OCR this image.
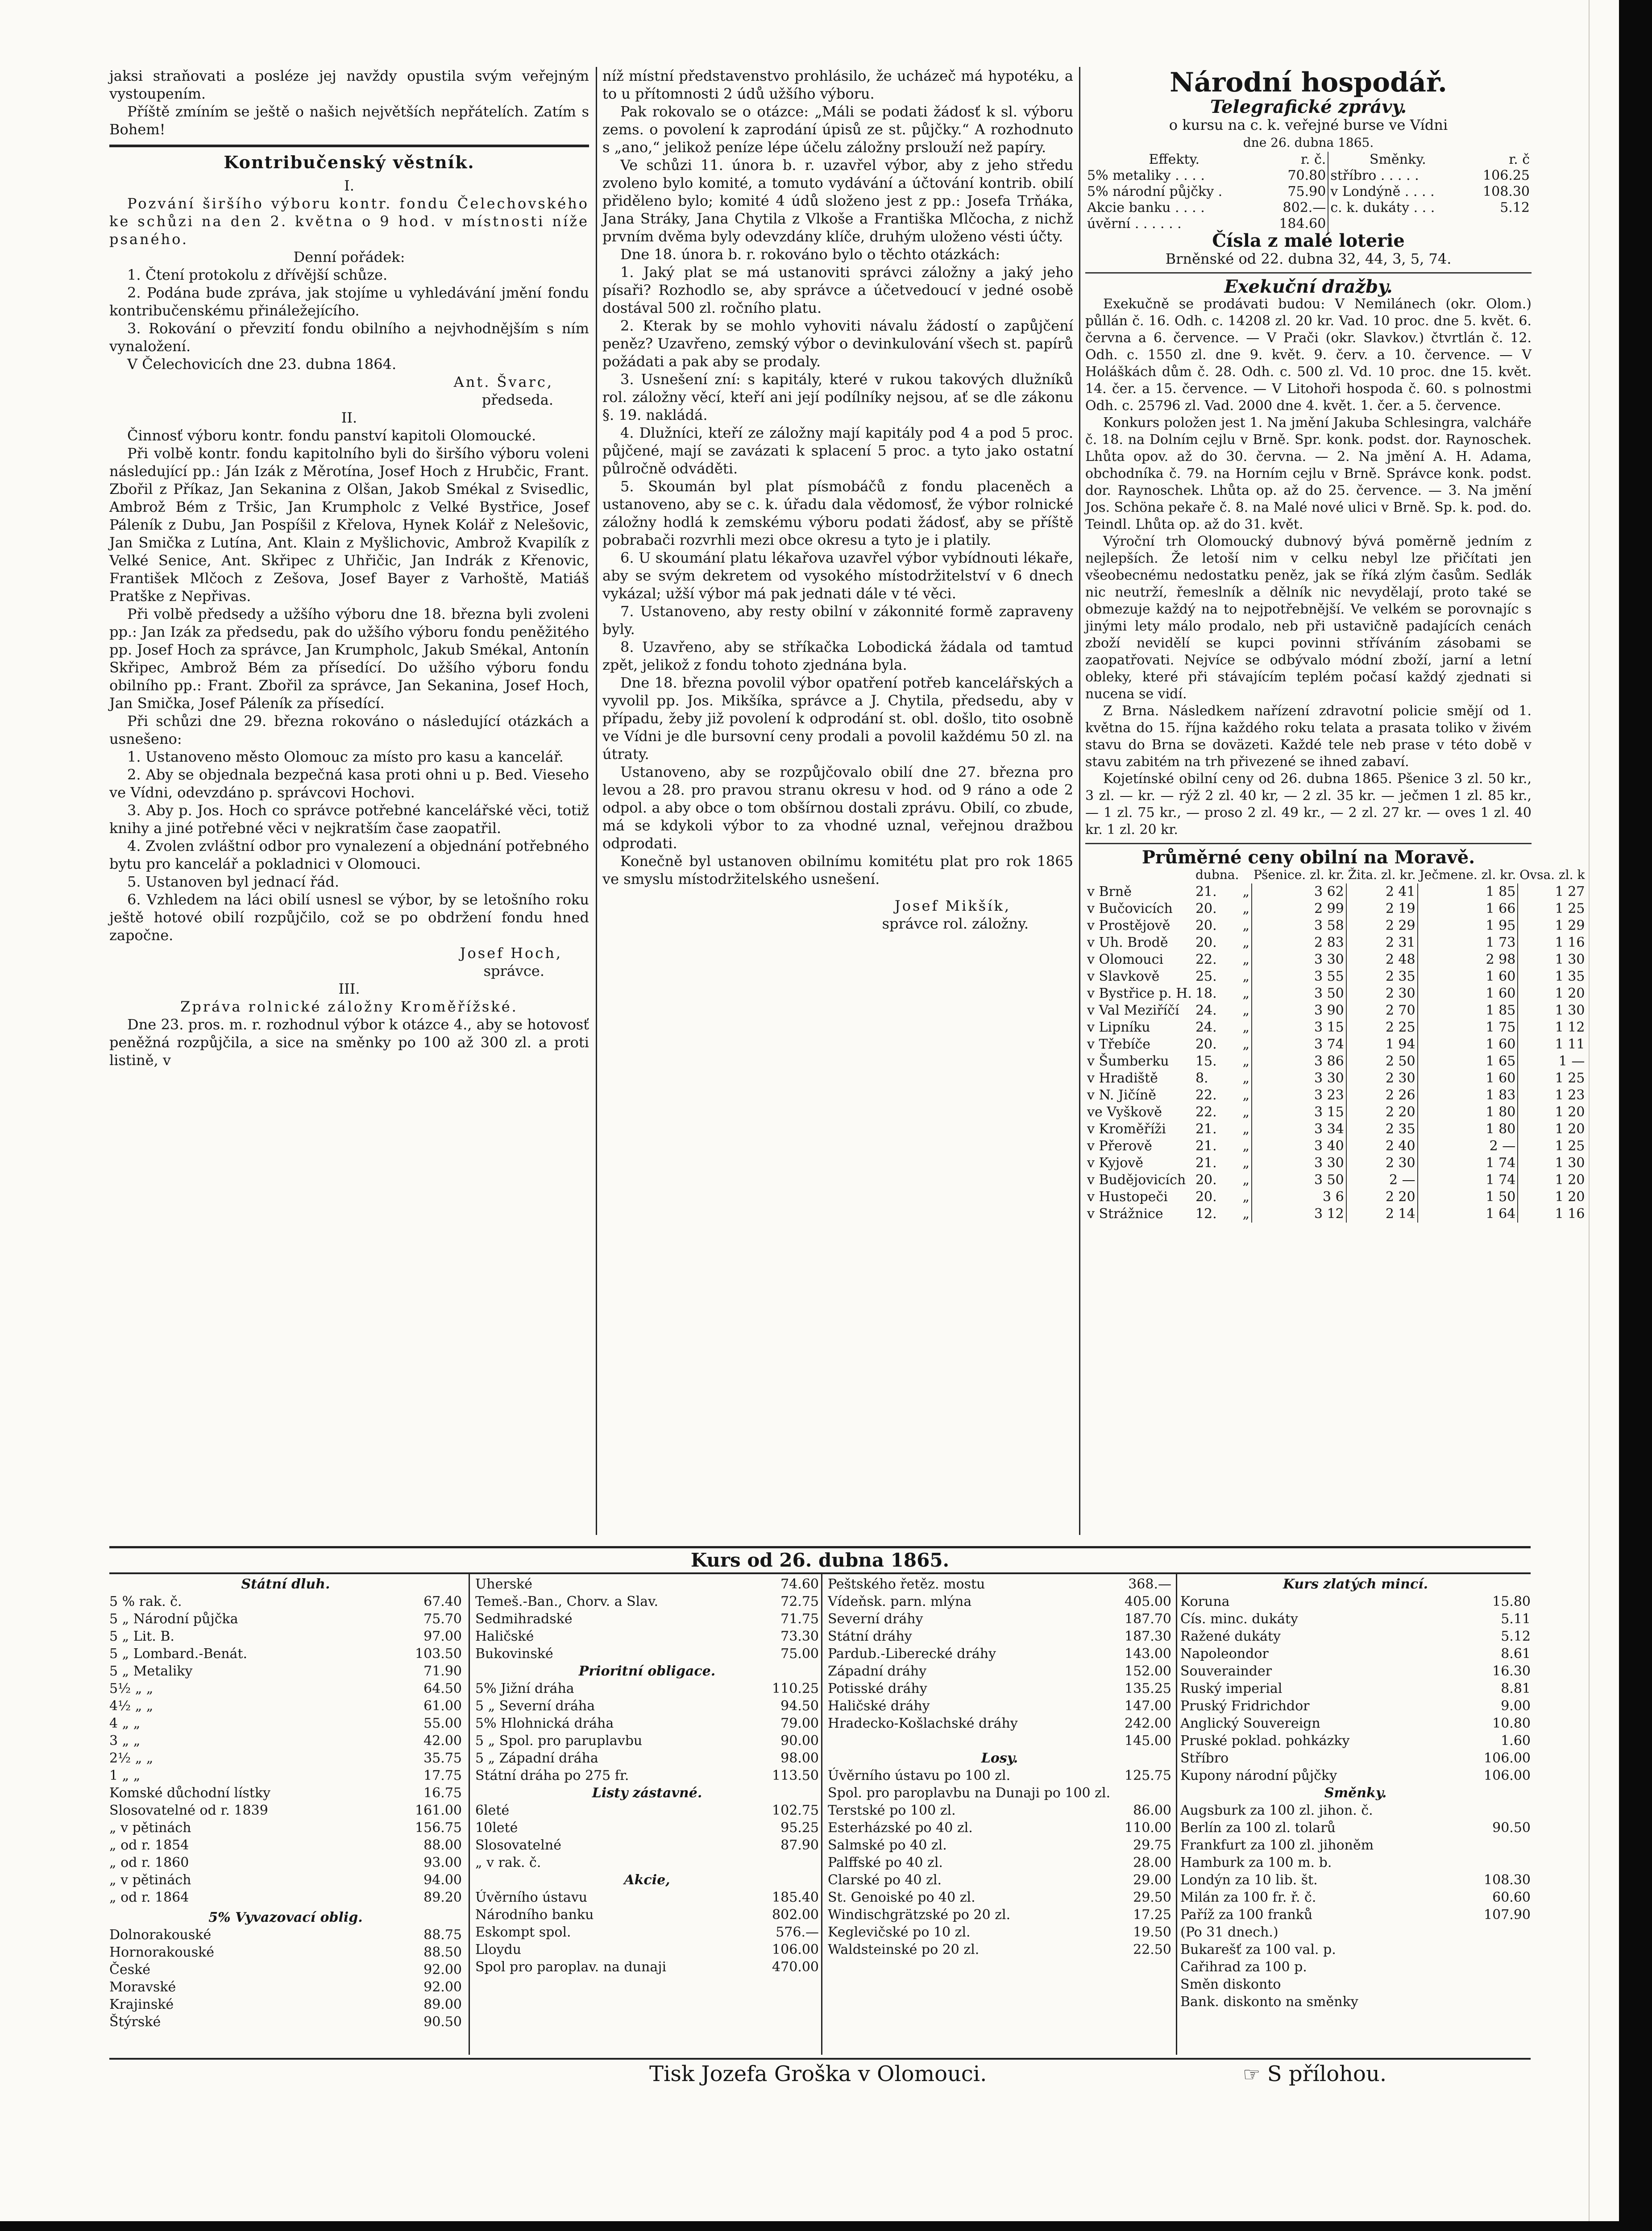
jaksi straňovati a posléze jej navždy opustila svým veřejným vystoupením.

Příště zmíním se ještě o našich největších nepřátelích. Zatím s Bohem!

Kontribučenský věstník.

I.

Pozvání širšího výboru kontr. fondu Čelechovského ke schůzi na den 2. května o 9 hod. v místnosti níže psaného.

Denní pořádek:

1. Čtení protokolu z dřívější schůze.

2. Podána bude zpráva, jak stojíme u vyhledávání jmění fondu kontribučenskému přináležejícího.

3. Rokování o převzití fondu obilního a nejvhodnějším s ním vynaložení.

V Čelechovicích dne 23. dubna 1864.

Ant. Švarc,

předseda.

II.

Činnosť výboru kontr. fondu panství kapitoli Olomoucké.

Při volbě kontr. fondu kapitolního byli do širšího výboru voleni následující pp.: Ján Izák z Měrotína, Josef Hoch z Hrubčic, Frant. Zbořil z Příkaz, Jan Sekanina z Olšan, Jakob Smékal z Svisedlic, Ambrož Bém z Tršic, Jan Krumpholc z Velké Bystřice, Josef Páleník z Dubu, Jan Pospíšil z Křelova, Hynek Kolář z Nelešovic, Jan Smička z Lutína, Ant. Klain z Myšlichovic, Ambrož Kvapilík z Velké Senice, Ant. Skřipec z Uhřičic, Jan Indrák z Křenovic, František Mlčoch z Zešova, Josef Bayer z Varhoště, Matiáš Pratške z Nepřivas.

Při volbě předsedy a užšího výboru dne 18. března byli zvoleni pp.: Jan Izák za předsedu, pak do užšího výboru fondu peněžitého pp. Josef Hoch za správce, Jan Krumpholc, Jakub Smékal, Antonín Skřipec, Ambrož Bém za přísedící. Do užšího výboru fondu obilního pp.: Frant. Zbořil za správce, Jan Sekanina, Josef Hoch, Jan Smička, Josef Páleník za přísedící.

Při schůzi dne 29. března rokováno o následující otázkách a usnešeno:

1. Ustanoveno město Olomouc za místo pro kasu a kancelář.

2. Aby se objednala bezpečná kasa proti ohni u p. Bed. Vieseho ve Vídni, odevzdáno p. správcovi Hochovi.

3. Aby p. Jos. Hoch co správce potřebné kancelářské věci, totiž knihy a jiné potřebné věci v nejkratším čase zaopatřil.

4. Zvolen zvláštní odbor pro vynalezení a objednání potřebného bytu pro kancelář a pokladnici v Olomouci.

5. Ustanoven byl jednací řád.

6. Vzhledem na láci obilí usnesl se výbor, by se letošního roku ještě hotové obilí rozpůjčilo, což se po obdržení fondu hned započne.

Josef Hoch,

správce.

III.

Zpráva rolnické záložny Kroměřížské.

Dne 23. pros. m. r. rozhodnul výbor k otázce 4., aby se hotovosť peněžná rozpůjčila, a sice na směnky po 100 až 300 zl. a proti listině, v

níž místní představenstvo prohlásilo, že ucházeč má hypotéku, a to u přítomnosti 2 údů užšího výboru.

Pak rokovalo se o otázce: „Máli se podati žádosť k sl. výboru zems. o povolení k zaprodání úpisů ze st. půjčky.“ A rozhodnuto s „ano,“ jelikož peníze lépe účelu záložny prslouží než papíry.

Ve schůzi 11. února b. r. uzavřel výbor, aby z jeho středu zvoleno bylo komité, a tomuto vydávání a účtování kontrib. obilí přiděleno bylo; komité 4 údů složeno jest z pp.: Josefa Trňáka, Jana Stráky, Jana Chytila z Vlkoše a Františka Mlčocha, z nichž prvním dvěma byly odevzdány klíče, druhým uloženo vésti účty.

Dne 18. února b. r. rokováno bylo o těchto otázkách:

1. Jaký plat se má ustanoviti správci záložny a jaký jeho písaři? Rozhodlo se, aby správce a účetvedoucí v jedné osobě dostával 500 zl. ročního platu.

2. Kterak by se mohlo vyhoviti návalu žádostí o zapůjčení peněz? Uzavřeno, zemský výbor o devinkulování všech st. papírů požádati a pak aby se prodaly.

3. Usnešení zní: s kapitály, které v rukou takových dlužníků rol. záložny věcí, kteří ani její podílníky nejsou, ať se dle zákonu §. 19. nakládá.

4. Dlužníci, kteří ze záložny mají kapitály pod 4 a pod 5 proc. půjčené, mají se zavázati k splacení 5 proc. a tyto jako ostatní půlročně odváděti.

5. Skoumán byl plat písmobáčů z fondu placeněch a ustanoveno, aby se c. k. úřadu dala vědomosť, že výbor rolnické záložny hodlá k zemskému výboru podati žádosť, aby se příště pobrabači rozvrhli mezi obce okresu a tyto je i platily.

6. U skoumání platu lékařova uzavřel výbor vybídnouti lékaře, aby se svým dekretem od vysokého místodržitelství v 6 dnech vykázal; užší výbor má pak jednati dále v té věci.

7. Ustanoveno, aby resty obilní v zákonnité formě zapraveny byly.

8. Uzavřeno, aby se stříkačka Lobodická žádala od tamtud zpět, jelikož z fondu tohoto zjednána byla.

Dne 18. března povolil výbor opatření potřeb kancelářských a vyvolil pp. Jos. Mikšíka, správce a J. Chytila, předsedu, aby v případu, žeby již povolení k odprodání st. obl. došlo, tito osobně ve Vídni je dle bursovní ceny prodali a povolil každému 50 zl. na útraty.

Ustanoveno, aby se rozpůjčovalo obilí dne 27. března pro levou a 28. pro pravou stranu okresu v hod. od 9 ráno a ode 2 odpol. a aby obce o tom obšírnou dostali zprávu. Obilí, co zbude, má se kdykoli výbor to za vhodné uznal, veřejnou dražbou odprodati.

Konečně byl ustanoven obilnímu komitétu plat pro rok 1865 ve smyslu místodržitelského usnešení.

Josef Mikšík,

správce rol. záložny.

Národní hospodář.
Telegrafické zprávy.

o kursu na c. k. veřejné burse ve Vídni

dne 26. dubna 1865.

Effekty.	r. č.	Směnky.	r. č
5% metaliky . . . .	70.80	stříbro . . . . .	106.25
5% národní půjčky .	75.90	v Londýně . . . .	108.30
Akcie banku . . . .	802.—	c. k. dukáty . . .	5.12
úvěrní . . . . . .	184.60		
Čísla z malé loterie

Brněnské od 22. dubna 32, 44, 3, 5, 74.

Exekuční dražby.

Exekučně se prodávati budou: V Nemilánech (okr. Olom.) půllán č. 16. Odh. c. 14208 zl. 20 kr. Vad. 10 proc. dne 5. květ. 6. června a 6. července. — V Prači (okr. Slavkov.) čtvrtlán č. 12. Odh. c. 1550 zl. dne 9. květ. 9. červ. a 10. července. — V Holáškách dům č. 28. Odh. c. 500 zl. Vd. 10 proc. dne 15. květ. 14. čer. a 15. července. — V Litohoři hospoda č. 60. s polnostmi Odh. c. 25796 zl. Vad. 2000 dne 4. květ. 1. čer. a 5. července.

Konkurs položen jest 1. Na jmění Jakuba Schlesingra, valcháře č. 18. na Dolním cejlu v Brně. Spr. konk. podst. dor. Raynoschek. Lhůta opov. až do 30. června. — 2. Na jmění A. H. Adama, obchodníka č. 79. na Horním cejlu v Brně. Správce konk. podst. dor. Raynoschek. Lhůta op. až do 25. července. — 3. Na jmění Jos. Schöna pekaře č. 8. na Malé nové ulici v Brně. Sp. k. pod. do. Teindl. Lhůta op. až do 31. květ.

Výroční trh Olomoucký dubnový bývá poměrně jedním z nejlepších. Že letoší nim v celku nebyl lze přičítati jen všeobecnému nedostatku peněz, jak se říká zlým časům. Sedlák nic neutrží, řemeslník a dělník nic nevydělají, proto také se obmezuje každý na to nejpotřebnější. Ve velkém se porovnajíc s jinými lety málo prodalo, neb při ustavičně padajících cenách zboží nevidělí se kupci povinni stříváním zásobami se zaopatřovati. Nejvíce se odbývalo módní zboží, jarní a letní obleky, které při stávajícím teplém počasí každý zjednati si nucena se vidí.

Z Brna. Následkem nařízení zdravotní policie smějí od 1. května do 15. října každého roku telata a prasata toliko v živém stavu do Brna se doväzeti. Každé tele neb prase v této době v stavu zabitém na trh přivezené se ihned zabaví.

Kojetínské obilní ceny od 26. dubna 1865. Pšenice 3 zl. 50 kr., 3 zl. — kr. — rýž 2 zl. 40 kr, — 2 zl. 35 kr. — ječmen 1 zl. 85 kr., — 1 zl. 75 kr., — proso 2 zl. 49 kr., — 2 zl. 27 kr. — oves 1 zl. 40 kr. 1 zl. 20 kr.

Průměrné ceny obilní na Moravě.
	dubna.		Pšenice. zl. kr.	Žita. zl. kr.	Ječmene. zl. kr.	Ovsa. zl. k
v Brně	21.	„	3 62	2 41	1 85	1 27
v Bučovicích	20.	„	2 99	2 19	1 66	1 25
v Prostějově	20.	„	3 58	2 29	1 95	1 29
v Uh. Brodě	20.	„	2 83	2 31	1 73	1 16
v Olomouci	22.	„	3 30	2 48	2 98	1 30
v Slavkově	25.	„	3 55	2 35	1 60	1 35
v Bystřice p. H.	18.	„	3 50	2 30	1 60	1 20
v Val Meziříčí	24.	„	3 90	2 70	1 85	1 30
v Lipníku	24.	„	3 15	2 25	1 75	1 12
v Třebíče	20.	„	3 74	1 94	1 60	1 11
v Šumberku	15.	„	3 86	2 50	1 65	1 —
v Hradiště	8.	„	3 30	2 30	1 60	1 25
v N. Jičíně	22.	„	3 23	2 26	1 83	1 23
ve Vyškově	22.	„	3 15	2 20	1 80	1 20
v Kroměříži	21.	„	3 34	2 35	1 80	1 20
v Přerově	21.	„	3 40	2 40	2 —	1 25
v Kyjově	21.	„	3 30	2 30	1 74	1 30
v Budějovicích	20.	„	3 50	2 —	1 74	1 20
v Hustopeči	20.	„	3 6	2 20	1 50	1 20
v Strážnice	12.	„	3 12	2 14	1 64	1 16
Kurs od 26. dubna 1865.
Státní dluh.
5 % rak. č.	67.40
5 „ Národní půjčka	75.70
5 „ Lit. B.	97.00
5 „ Lombard.-Benát.	103.50
5 „ Metaliky	71.90
5½ „ „	64.50
4½ „ „	61.00
4 „ „	55.00
3 „ „	42.00
2½ „ „	35.75
1 „ „	17.75
Komské důchodní lístky	16.75
Slosovatelné od r. 1839	161.00
„ v pětinách	156.75
„ od r. 1854	88.00
„ od r. 1860	93.00
„ v pětinách	94.00
„ od r. 1864	89.20
5% Vyvazovací oblig.
Dolnorakouské	88.75
Hornorakouské	88.50
České	92.00
Moravské	92.00
Krajinské	89.00
Štýrské	90.50
Uherské	74.60
Temeš.-Ban., Chorv. a Slav.	72.75
Sedmihradské	71.75
Haličské	73.30
Bukovinské	75.00
Prioritní obligace.
5% Jižní dráha	110.25
5 „ Severní dráha	94.50
5% Hlohnická dráha	79.00
5 „ Spol. pro paruplavbu	90.00
5 „ Západní dráha	98.00
Státní dráha po 275 fr.	113.50
Listy zástavné.
6leté	102.75
10leté	95.25
Slosovatelné	87.90
„ v rak. č.
Akcie,
Úvěrního ústavu	185.40
Národního banku	802.00
Eskompt spol.	576.—
Lloydu	106.00
Spol pro paroplav. na dunaji	470.00
Peštského řetěz. mostu	368.—
Vídeňsk. parn. mlýna	405.00
Severní dráhy	187.70
Státní dráhy	187.30
Pardub.-Liberecké dráhy	143.00
Západní dráhy	152.00
Potisské dráhy	135.25
Haličské dráhy	147.00
Hradecko-Košlachské dráhy	242.00
145.00
Losy.
Úvěrního ústavu po 100 zl.	125.75
Spol. pro paroplavbu na Dunaji po 100 zl.
Terstské po 100 zl.	86.00
Esterházské po 40 zl.	110.00
Salmské po 40 zl.	29.75
Palffské po 40 zl.	28.00
Clarské po 40 zl.	29.00
St. Genoiské po 40 zl.	29.50
Windischgrätzské po 20 zl.	17.25
Keglevičské po 10 zl.	19.50
Waldsteinské po 20 zl.	22.50
Kurs zlatých mincí.
Koruna	15.80
Cís. minc. dukáty	5.11
Ražené dukáty	5.12
Napoleondor	8.61
Souverainder	16.30
Ruský imperial	8.81
Pruský Fridrichdor	9.00
Anglický Souvereign	10.80
Pruské poklad. pohkázky	1.60
Stříbro	106.00
Kupony národní půjčky	106.00
Směnky.
Augsburk za 100 zl. jihon. č.
Berlín za 100 zl. tolarů	90.50
Frankfurt za 100 zl. jihoněm
Hamburk za 100 m. b.
Londýn za 10 lib. št.	108.30
Milán za 100 fr. ř. č.	60.60
Paříž za 100 franků	107.90
(Po 31 dnech.)
Bukarešť za 100 val. p.
Cařihrad za 100 p.
Směn diskonto
Bank. diskonto na směnky
Tisk Jozefa Groška v Olomouci.	☞ S přílohou.
